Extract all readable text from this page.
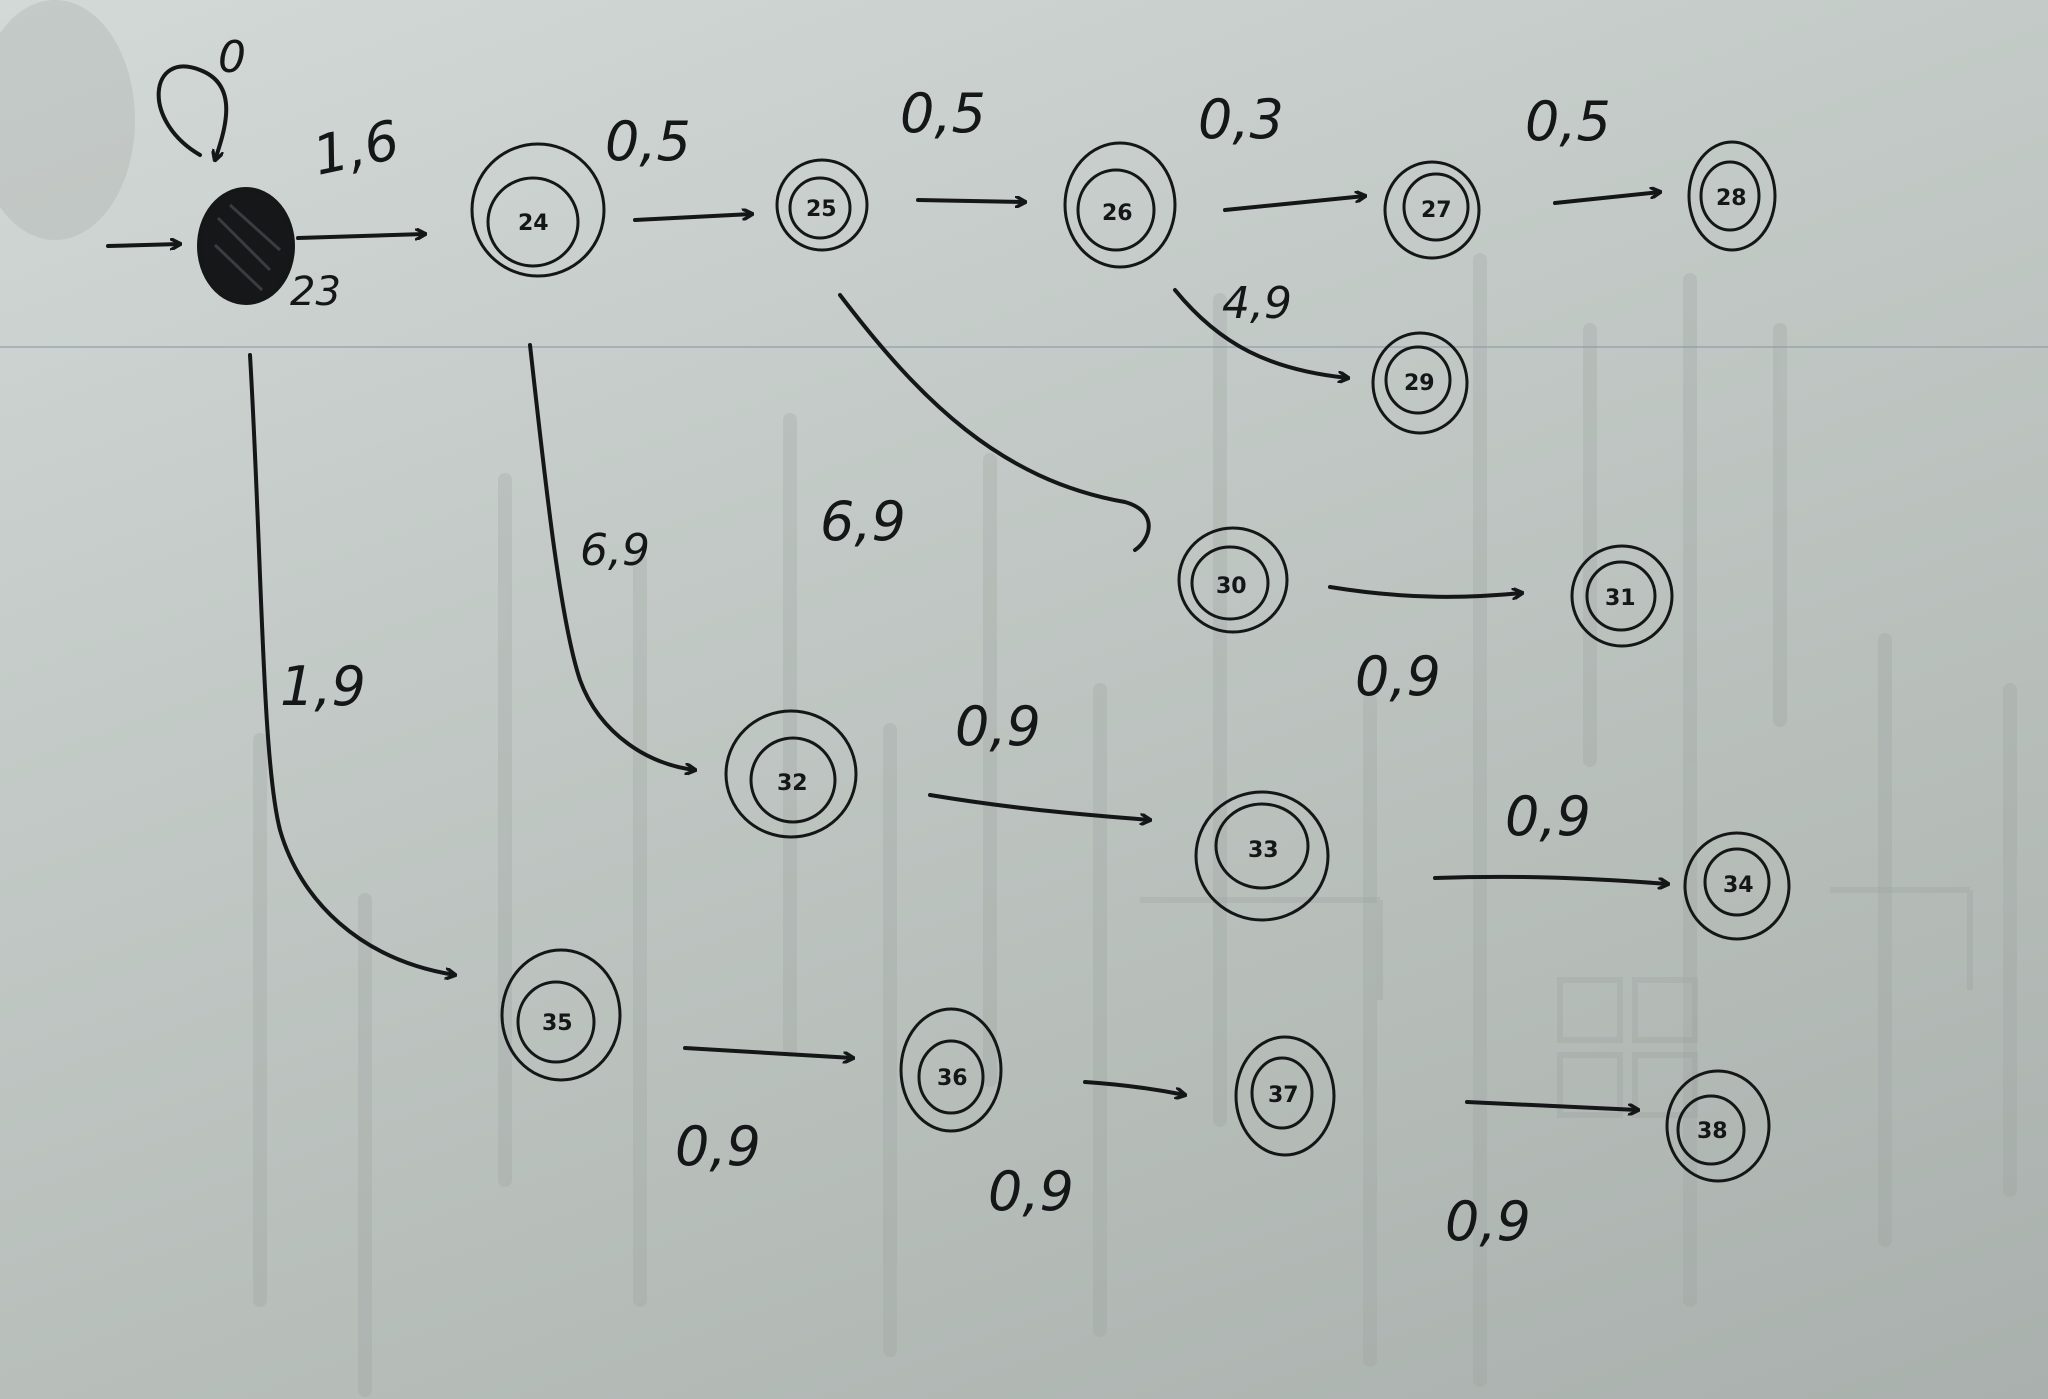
23
0
24
25	26	27	28
29
30	31
32
33
34
35
36
37
38
1,6	0,5	0,5	0,3	0,5
4,9
6,9
0,9
6,9
0,9
0,9
1,9
0,9
0,9	0,9
